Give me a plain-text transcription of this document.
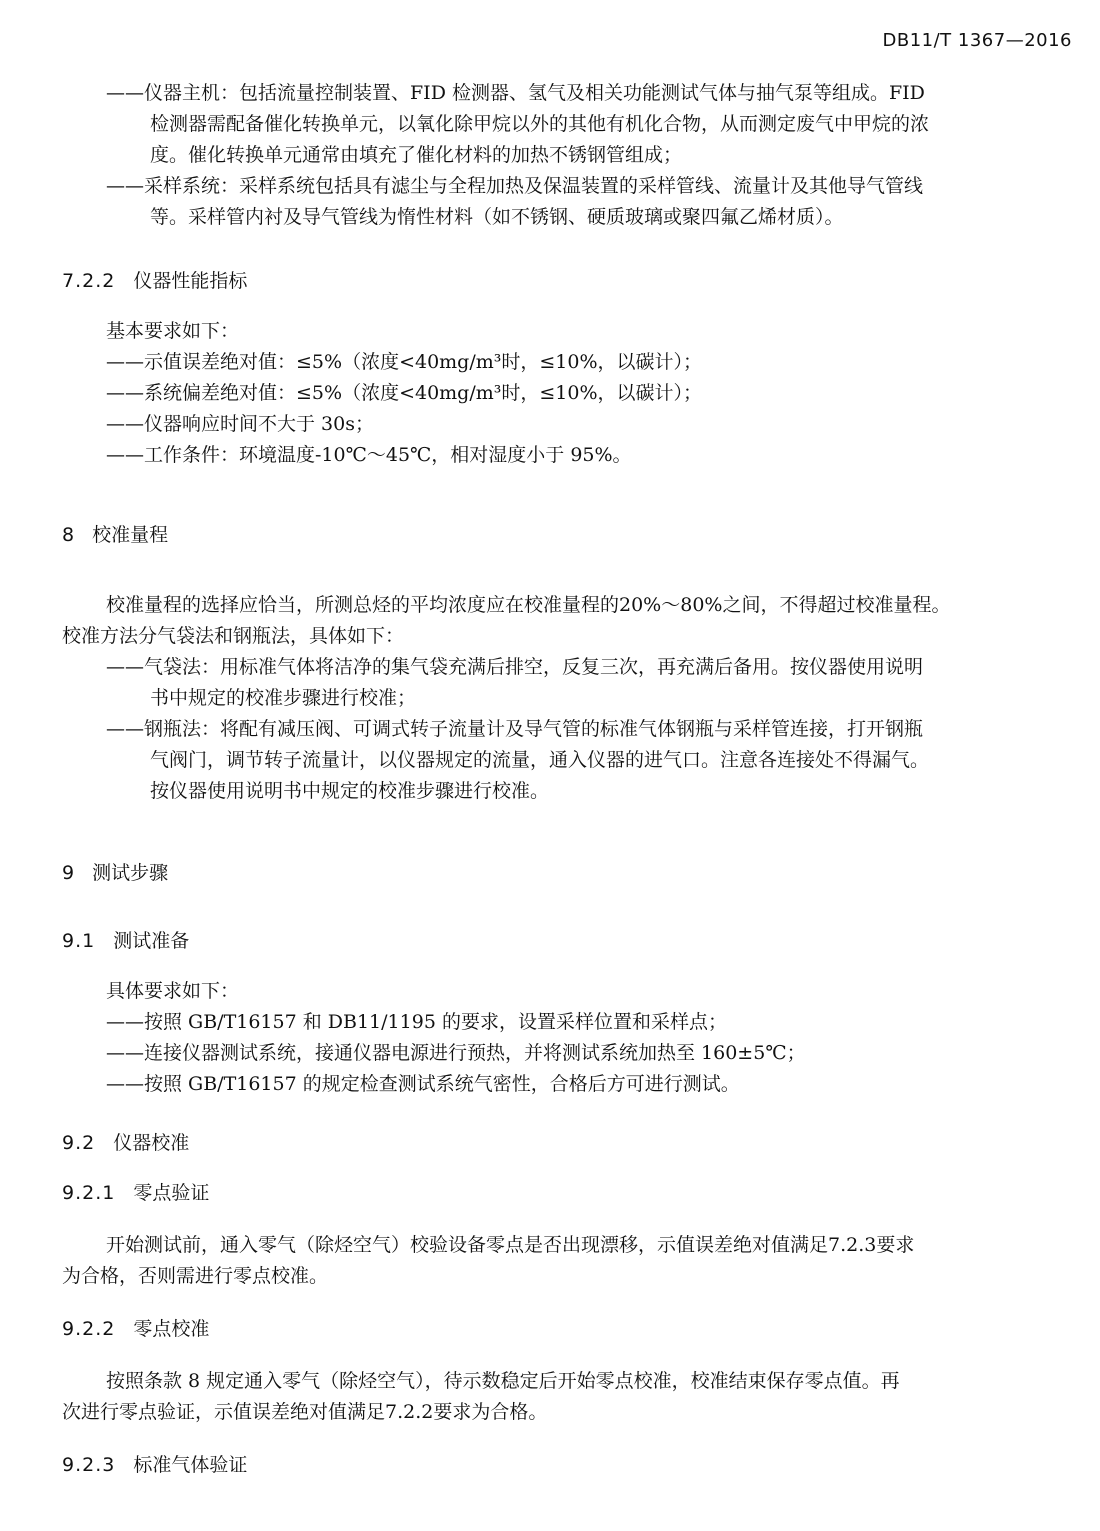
DB11/T 1367—2016
——仪器主机：包括流量控制装置、FID 检测器、氢气及相关功能测试气体与抽气泵等组成。FID
检测器需配备催化转换单元，以氧化除甲烷以外的其他有机化合物，从而测定废气中甲烷的浓
度。催化转换单元通常由填充了催化材料的加热不锈钢管组成；
——采样系统：采样系统包括具有滤尘与全程加热及保温装置的采样管线、流量计及其他导气管线
等。采样管内衬及导气管线为惰性材料（如不锈钢、硬质玻璃或聚四氟乙烯材质）。
7.2.2 仪器性能指标
基本要求如下：
——示值误差绝对值：≤5%（浓度<40mg/m³时，≤10%，以碳计）；
——系统偏差绝对值：≤5%（浓度<40mg/m³时，≤10%，以碳计）；
——仪器响应时间不大于 30s；
——工作条件：环境温度-10℃～45℃，相对湿度小于 95%。
8 校准量程
校准量程的选择应恰当，所测总烃的平均浓度应在校准量程的20%～80%之间，不得超过校准量程。
校准方法分气袋法和钢瓶法，具体如下：
——气袋法：用标准气体将洁净的集气袋充满后排空，反复三次，再充满后备用。按仪器使用说明
书中规定的校准步骤进行校准；
——钢瓶法：将配有减压阀、可调式转子流量计及导气管的标准气体钢瓶与采样管连接，打开钢瓶
气阀门，调节转子流量计，以仪器规定的流量，通入仪器的进气口。注意各连接处不得漏气。
按仪器使用说明书中规定的校准步骤进行校准。
9 测试步骤
9.1 测试准备
具体要求如下：
——按照 GB/T16157 和 DB11/1195 的要求，设置采样位置和采样点；
——连接仪器测试系统，接通仪器电源进行预热，并将测试系统加热至 160±5℃；
——按照 GB/T16157 的规定检查测试系统气密性，合格后方可进行测试。
9.2 仪器校准
9.2.1 零点验证
开始测试前，通入零气（除烃空气）校验设备零点是否出现漂移，示值误差绝对值满足7.2.3要求
为合格，否则需进行零点校准。
9.2.2 零点校准
按照条款 8 规定通入零气（除烃空气），待示数稳定后开始零点校准，校准结束保存零点值。再
次进行零点验证，示值误差绝对值满足7.2.2要求为合格。
9.2.3 标准气体验证
